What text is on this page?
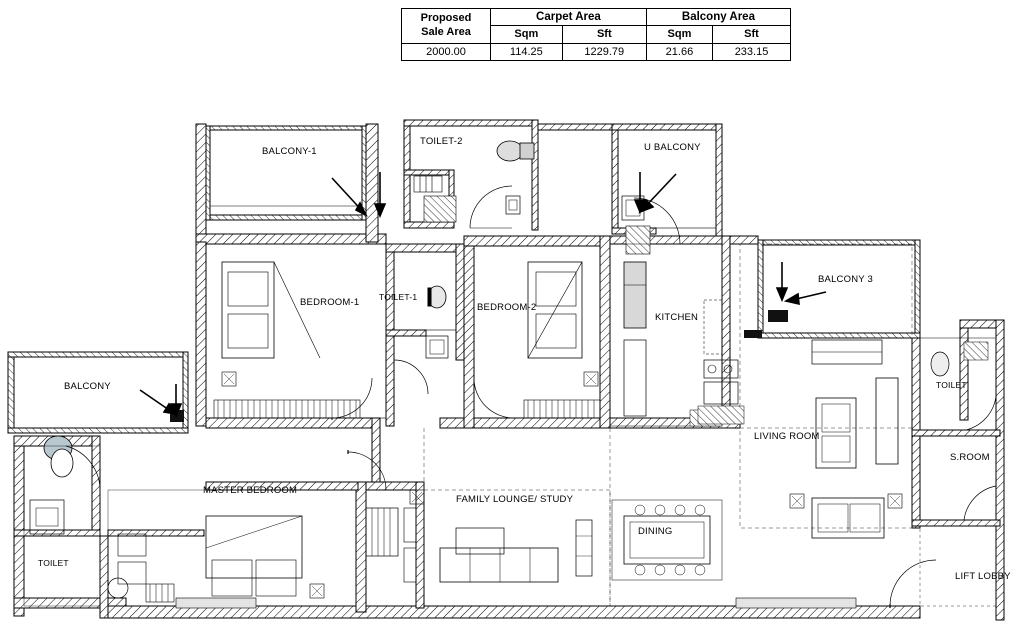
Proposed Sale Area	Carpet Area		Balcony Area	
	Sqm	Sft	Sqm	Sft
2000.00	114.25	1229.79	21.66	233.15
BALCONY-1
TOILET-2
U BALCONY
BALCONY 3
BEDROOM-1 TOILET-1
BEDROOM-2
KITCHEN
BALCONY	TOILET
LIVING ROOM
S.ROOM
MASTER BEDROOM
FAMILY LOUNGE/ STUDY
DINING
TOILET
LIFT LOBBY
